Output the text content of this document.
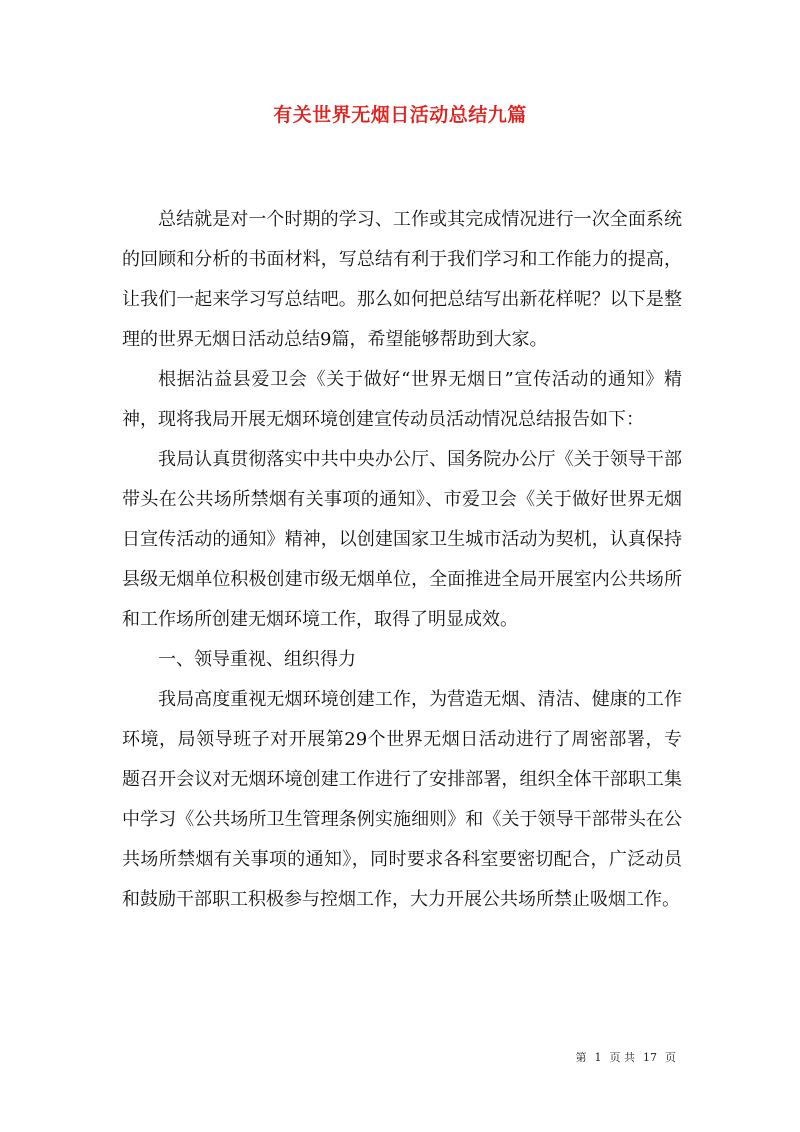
有关世界无烟日活动总结九篇

总结就是对一个时期的学习、工作或其完成情况进行一次全面系统的回顾和分析的书面材料，写总结有利于我们学习和工作能力的提高，让我们一起来学习写总结吧。那么如何把总结写出新花样呢？以下是整理的世界无烟日活动总结9篇，希望能够帮助到大家。

根据沾益县爱卫会《关于做好“世界无烟日”宣传活动的通知》精神，现将我局开展无烟环境创建宣传动员活动情况总结报告如下：

我局认真贯彻落实中共中央办公厅、国务院办公厅《关于领导干部带头在公共场所禁烟有关事项的通知》、市爱卫会《关于做好世界无烟日宣传活动的通知》精神，以创建国家卫生城市活动为契机，认真保持县级无烟单位积极创建市级无烟单位，全面推进全局开展室内公共场所和工作场所创建无烟环境工作，取得了明显成效。

一、领导重视、组织得力

我局高度重视无烟环境创建工作，为营造无烟、清洁、健康的工作环境，局领导班子对开展第29个世界无烟日活动进行了周密部署，专题召开会议对无烟环境创建工作进行了安排部署，组织全体干部职工集中学习《公共场所卫生管理条例实施细则》和《关于领导干部带头在公共场所禁烟有关事项的通知》，同时要求各科室要密切配合，广泛动员和鼓励干部职工积极参与控烟工作，大力开展公共场所禁止吸烟工作。

第 1 页 共 17 页
